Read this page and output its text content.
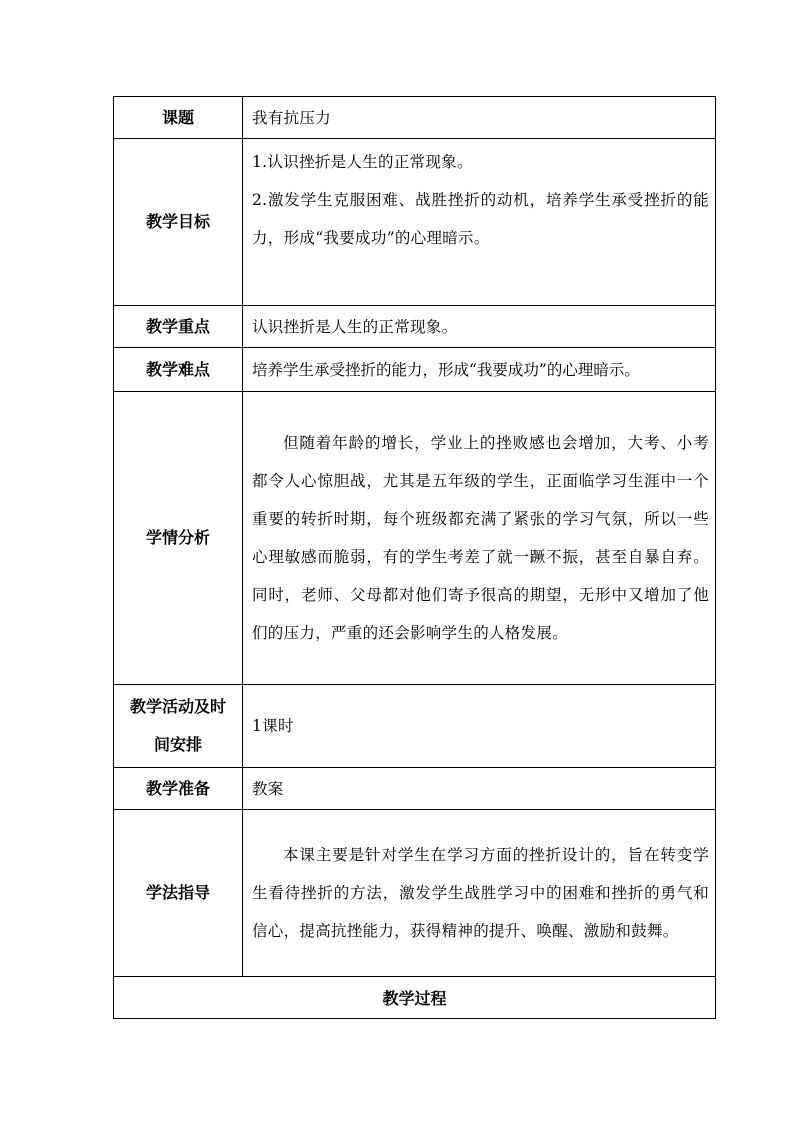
课题	我有抗压力
教学目标	1.认识挫折是人生的正常现象。

2.激发学生克服困难、战胜挫折的动机，培养学生承受挫折的能力，形成“我要成功”的心理暗示。

教学重点	认识挫折是人生的正常现象。
教学难点	培养学生承受挫折的能力，形成“我要成功”的心理暗示。
学情分析	但随着年龄的增长，学业上的挫败感也会增加，大考、小考都令人心惊胆战，尤其是五年级的学生，正面临学习生涯中一个重要的转折时期，每个班级都充满了紧张的学习气氛，所以一些心理敏感而脆弱，有的学生考差了就一蹶不振，甚至自暴自弃。同时，老师、父母都对他们寄予很高的期望，无形中又增加了他们的压力，严重的还会影响学生的人格发展。

教学活动及时
间安排	1课时
教学准备	教案
学法指导	本课主要是针对学生在学习方面的挫折设计的，旨在转变学生看待挫折的方法，激发学生战胜学习中的困难和挫折的勇气和信心，提高抗挫能力，获得精神的提升、唤醒、激励和鼓舞。

教学过程	
